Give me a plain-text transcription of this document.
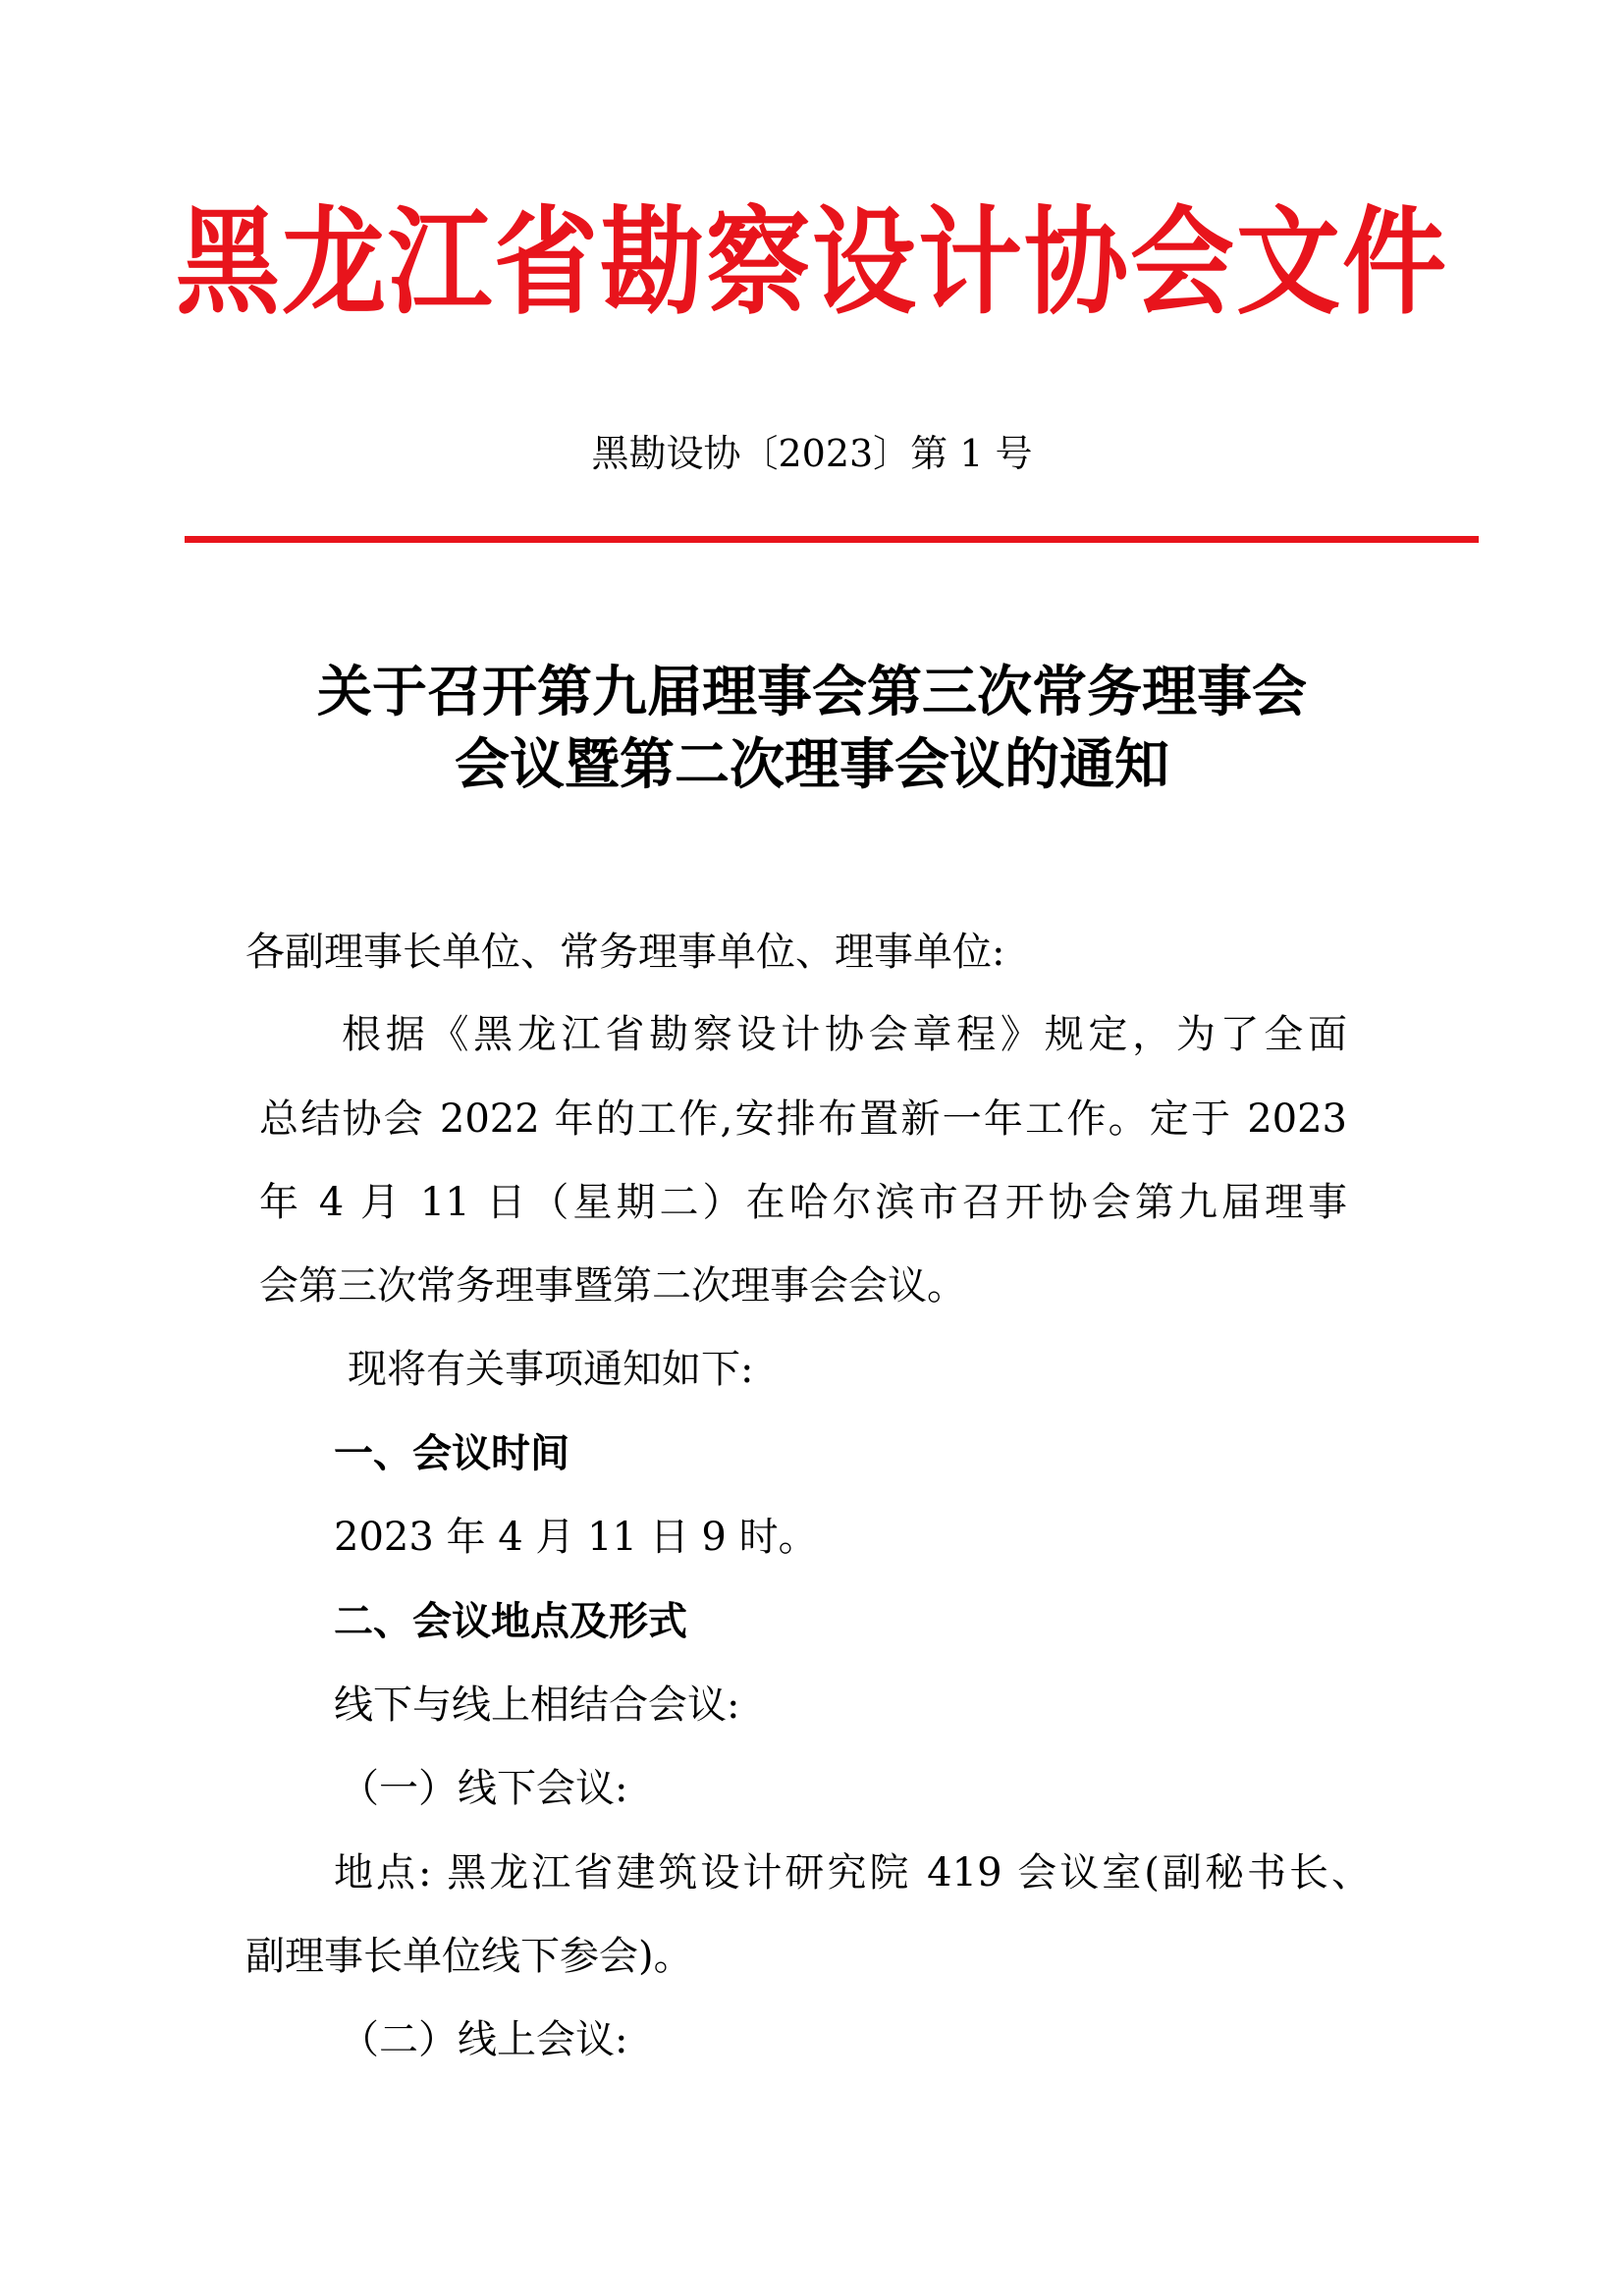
黑龙江省勘察设计协会文件
黑勘设协〔2023〕第 1 号
关于召开第九届理事会第三次常务理事会
会议暨第二次理事会议的通知
各副理事长单位、常务理事单位、理事单位:
根据《黑龙江省勘察设计协会章程》规定，为了全面
总结协会 2022 年的工作,安排布置新一年工作。定于 2023
年 4 月 11 日（星期二）在哈尔滨市召开协会第九届理事
会第三次常务理事暨第二次理事会会议。
现将有关事项通知如下:
一、会议时间
2023 年 4 月 11 日 9 时。
二、会议地点及形式
线下与线上相结合会议:
（一）线下会议:
地点: 黑龙江省建筑设计研究院 419 会议室(副秘书长、
副理事长单位线下参会)。
（二）线上会议:
